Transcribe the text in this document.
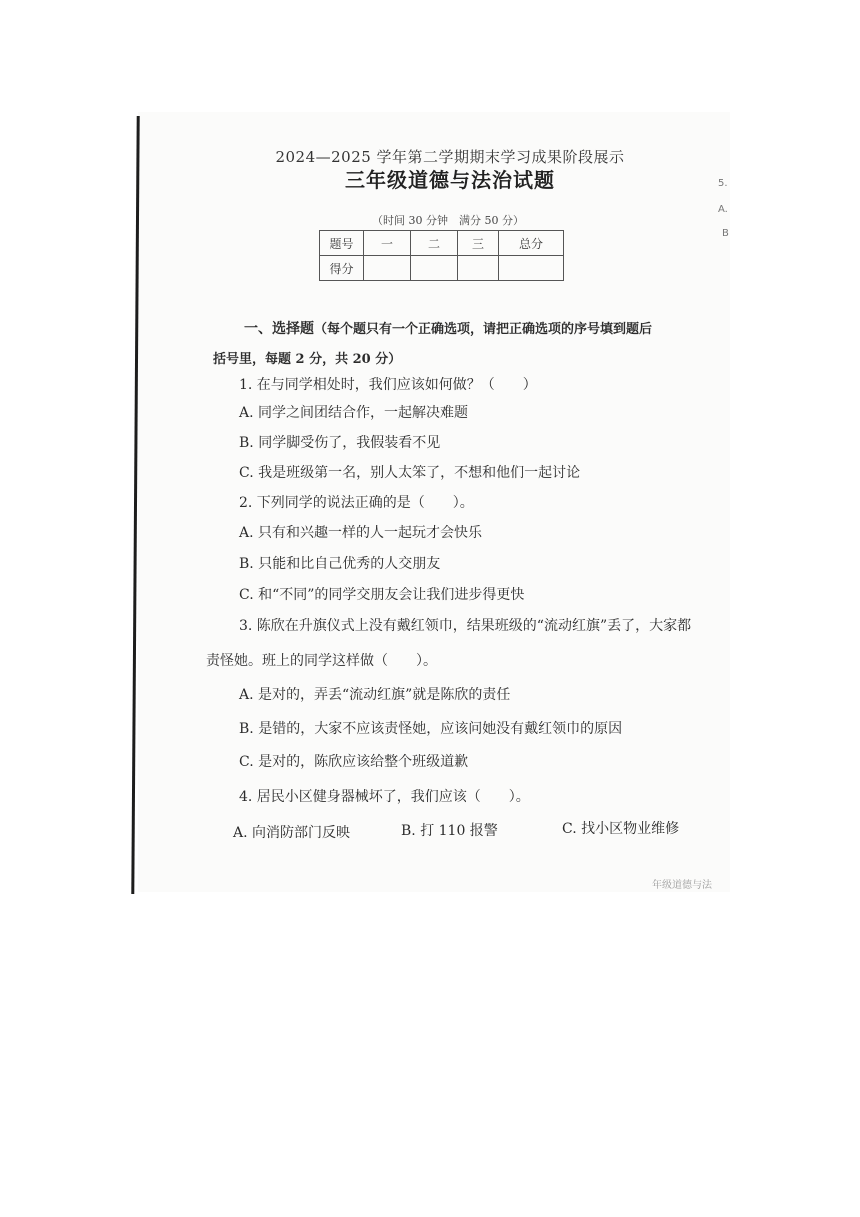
2024—2025 学年第二学期期末学习成果阶段展示
三年级道德与法治试题
（时间 30 分钟　满分 50 分）
题号	一	二	三	总分
得分				
一、选择题（每个题只有一个正确选项，请把正确选项的序号填到题后
括号里，每题 2 分，共 20 分）
1. 在与同学相处时，我们应该如何做？（　　）
A. 同学之间团结合作，一起解决难题
B. 同学脚受伤了，我假装看不见
C. 我是班级第一名，别人太笨了，不想和他们一起讨论
2. 下列同学的说法正确的是（　　）。
A. 只有和兴趣一样的人一起玩才会快乐
B. 只能和比自己优秀的人交朋友
C. 和“不同”的同学交朋友会让我们进步得更快
3. 陈欣在升旗仪式上没有戴红领巾，结果班级的“流动红旗”丢了，大家都
责怪她。班上的同学这样做（　　）。
A. 是对的，弄丢“流动红旗”就是陈欣的责任
B. 是错的，大家不应该责怪她，应该问她没有戴红领巾的原因
C. 是对的，陈欣应该给整个班级道歉
4. 居民小区健身器械坏了，我们应该（　　）。
A. 向消防部门反映	B. 打 110 报警	C. 找小区物业维修
5.
A.
B
年级道德与法
